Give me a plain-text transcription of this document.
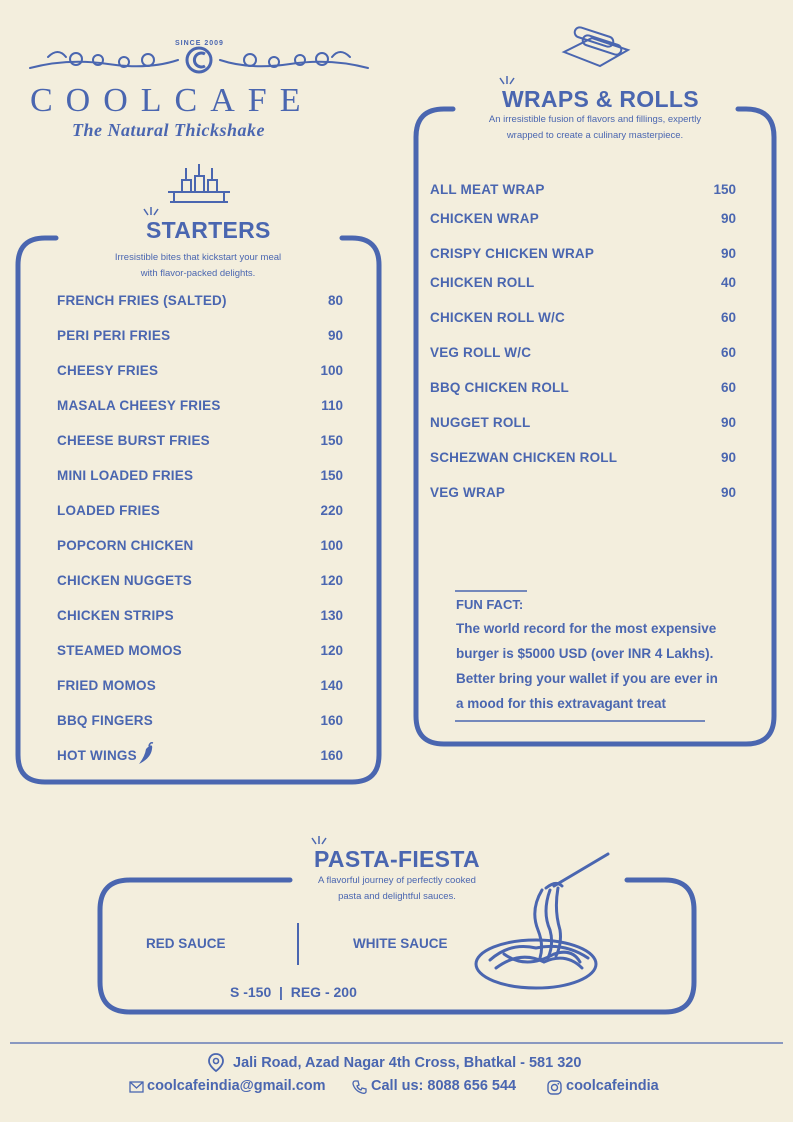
SINCE 2009
COOLCAFE
The Natural Thickshake
STARTERS
Irresistible bites that kickstart your meal
with flavor-packed delights.
FRENCH FRIES (SALTED)	80
PERI PERI FRIES	90
CHEESY FRIES	100
MASALA CHEESY FRIES	110
CHEESE BURST FRIES	150
MINI LOADED FRIES	150
LOADED FRIES	220
POPCORN CHICKEN	100
CHICKEN NUGGETS	120
CHICKEN STRIPS	130
STEAMED MOMOS	120
FRIED MOMOS	140
BBQ FINGERS	160
HOT WINGS	160
WRAPS & ROLLS
An irresistible fusion of flavors and fillings, expertly
wrapped to create a culinary masterpiece.
ALL MEAT WRAP	150
CHICKEN WRAP	90
CRISPY CHICKEN WRAP	90
CHICKEN ROLL	40
CHICKEN ROLL W/C	60
VEG ROLL W/C	60
BBQ CHICKEN ROLL	60
NUGGET ROLL	90
SCHEZWAN CHICKEN ROLL	90
VEG WRAP	90
FUN FACT:
The world record for the most expensive
burger is $5000 USD (over INR 4 Lakhs).
Better bring your wallet if you are ever in
a mood for this extravagant treat
PASTA-FIESTA
A flavorful journey of perfectly cooked
pasta and delightful sauces.
RED SAUCE	WHITE SAUCE
S -150  |  REG - 200
Jali Road, Azad Nagar 4th Cross, Bhatkal - 581 320
coolcafeindia@gmail.com	Call us: 8088 656 544	coolcafeindia
